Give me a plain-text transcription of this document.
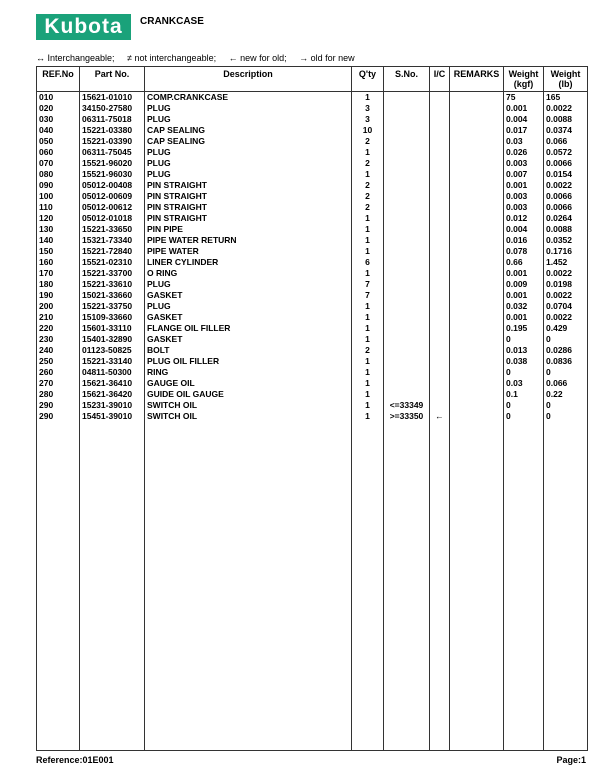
Kubota	CRANKCASE
↔ Interchangeable; ≠ not interchangeable; ← new for old; → old for new
REF.No	Part No.	Description	Q'ty	S.No.	I/C	REMARKS	Weight (kgf)	Weight (lb)
010	15621-01010	COMP.CRANKCASE	1				75	165
020	34150-27580	PLUG	3				0.001	0.0022
030	06311-75018	PLUG	3				0.004	0.0088
040	15221-03380	CAP SEALING	10				0.017	0.0374
050	15221-03390	CAP SEALING	2				0.03	0.066
060	06311-75045	PLUG	1				0.026	0.0572
070	15521-96020	PLUG	2				0.003	0.0066
080	15521-96030	PLUG	1				0.007	0.0154
090	05012-00408	PIN STRAIGHT	2				0.001	0.0022
100	05012-00609	PIN STRAIGHT	2				0.003	0.0066
110	05012-00612	PIN STRAIGHT	2				0.003	0.0066
120	05012-01018	PIN STRAIGHT	1				0.012	0.0264
130	15221-33650	PIN PIPE	1				0.004	0.0088
140	15321-73340	PIPE WATER RETURN	1				0.016	0.0352
150	15221-72840	PIPE WATER	1				0.078	0.1716
160	15521-02310	LINER CYLINDER	6				0.66	1.452
170	15221-33700	O RING	1				0.001	0.0022
180	15221-33610	PLUG	7				0.009	0.0198
190	15021-33660	GASKET	7				0.001	0.0022
200	15221-33750	PLUG	1				0.032	0.0704
210	15109-33660	GASKET	1				0.001	0.0022
220	15601-33110	FLANGE OIL FILLER	1				0.195	0.429
230	15401-32890	GASKET	1				0	0
240	01123-50825	BOLT	2				0.013	0.0286
250	15221-33140	PLUG OIL FILLER	1				0.038	0.0836
260	04811-50300	RING	1				0	0
270	15621-36410	GAUGE OIL	1				0.03	0.066
280	15621-36420	GUIDE OIL GAUGE	1				0.1	0.22
290	15231-39010	SWITCH OIL	1	<=33349			0	0
290	15451-39010	SWITCH OIL	1	>=33350	←		0	0

Reference:01E001	Page:1
